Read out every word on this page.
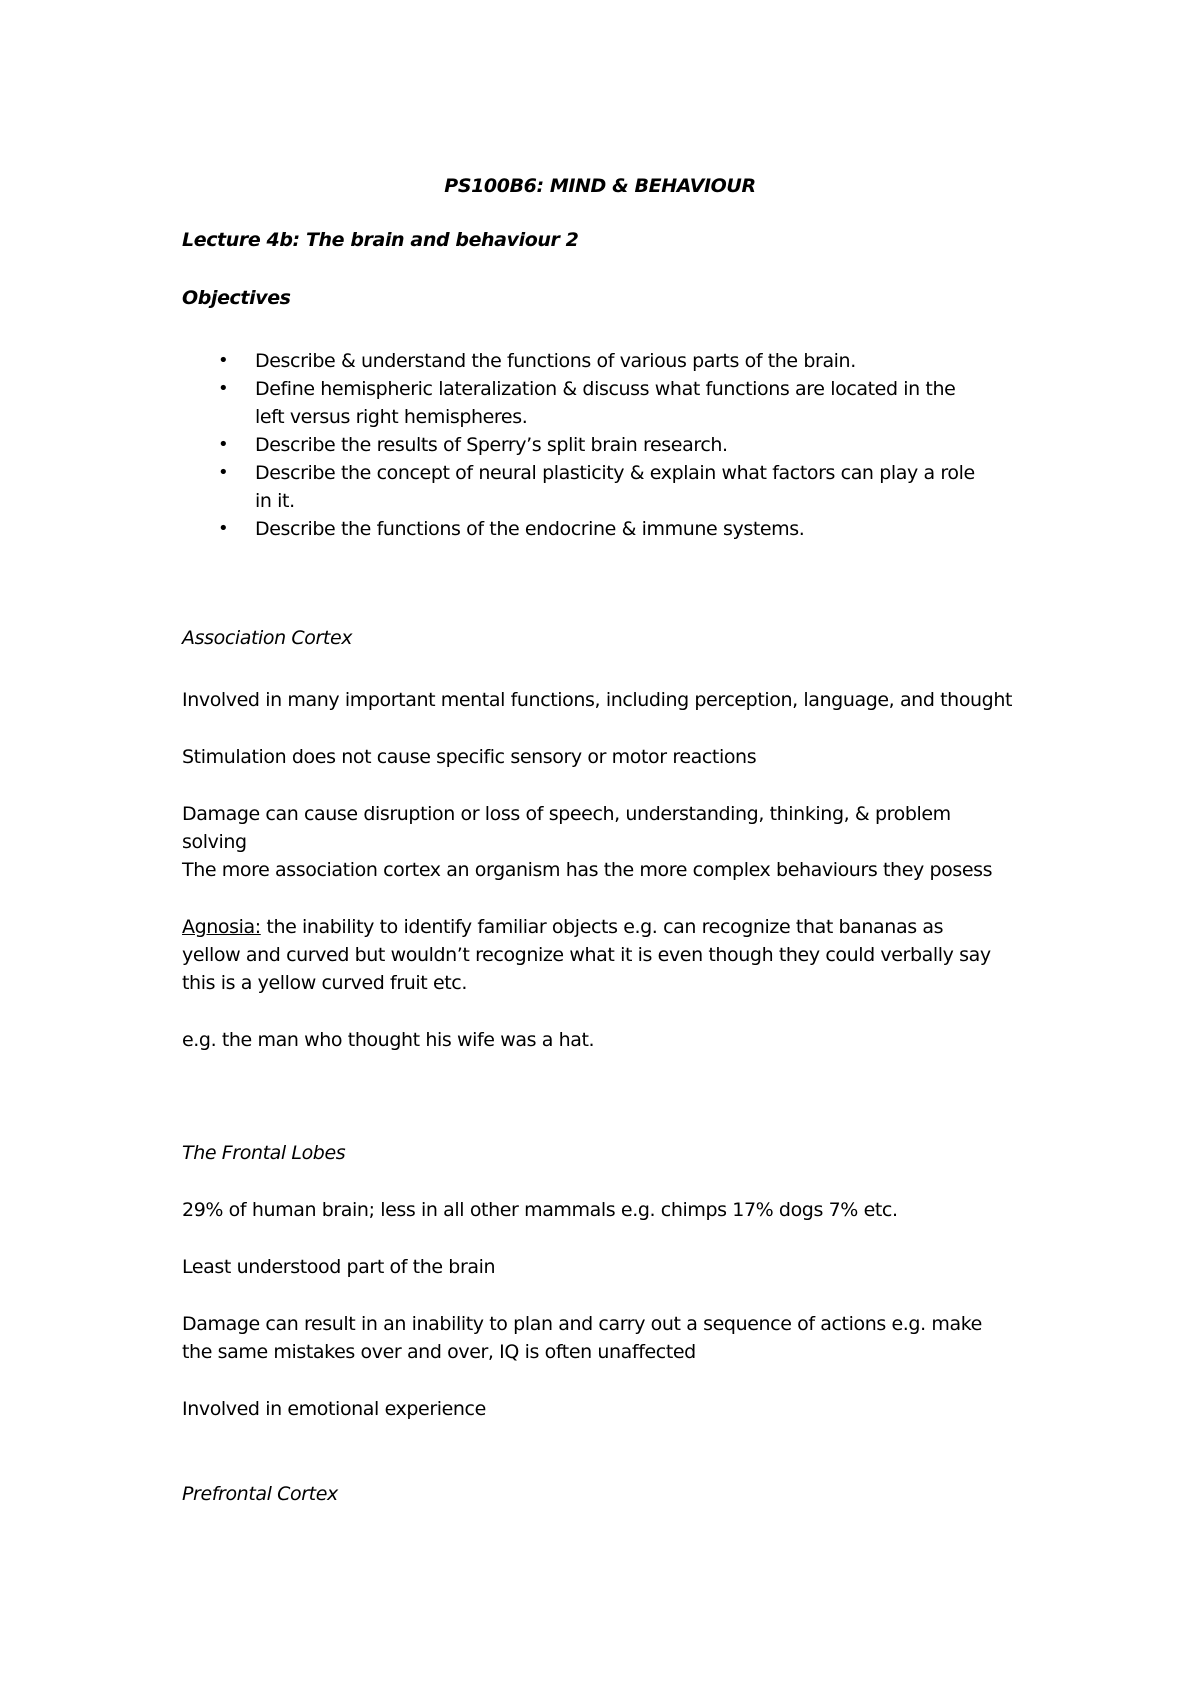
PS100B6: MIND & BEHAVIOUR
Lecture 4b: The brain and behaviour 2
Objectives
• Describe & understand the functions of various parts of the brain.
• Define hemispheric lateralization & discuss what functions are located in the
left versus right hemispheres.
• Describe the results of Sperry’s split brain research.
• Describe the concept of neural plasticity & explain what factors can play a role
in it.
• Describe the functions of the endocrine & immune systems.
Association Cortex
Involved in many important mental functions, including perception, language, and thought
Stimulation does not cause specific sensory or motor reactions
Damage can cause disruption or loss of speech, understanding, thinking, & problem
solving
The more association cortex an organism has the more complex behaviours they posess
Agnosia: the inability to identify familiar objects e.g. can recognize that bananas as
yellow and curved but wouldn’t recognize what it is even though they could verbally say
this is a yellow curved fruit etc.
e.g. the man who thought his wife was a hat.
The Frontal Lobes
29% of human brain; less in all other mammals e.g. chimps 17% dogs 7% etc.
Least understood part of the brain
Damage can result in an inability to plan and carry out a sequence of actions e.g. make
the same mistakes over and over, IQ is often unaffected
Involved in emotional experience
Prefrontal Cortex
